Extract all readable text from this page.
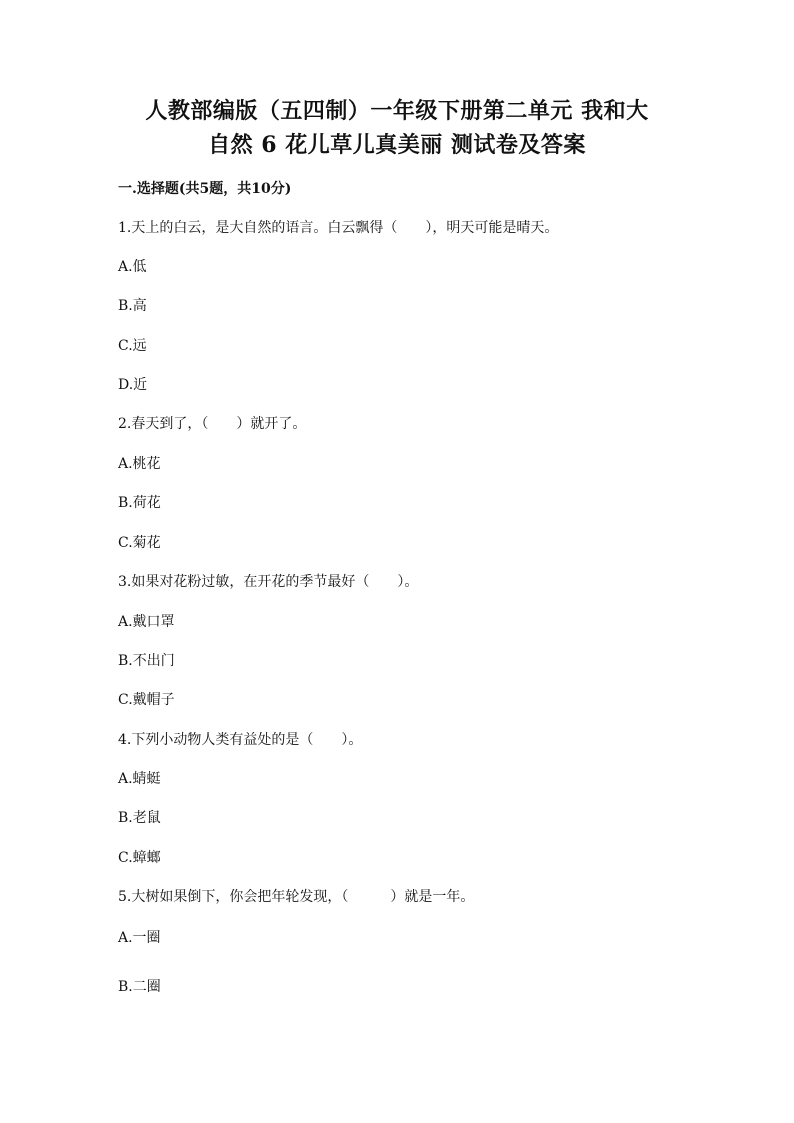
人教部编版（五四制）一年级下册第二单元 我和大
自然 6 花儿草儿真美丽 测试卷及答案
一.选择题(共5题，共10分)
1.天上的白云，是大自然的语言。白云飘得（　　），明天可能是晴天。
A.低
B.高
C.远
D.近
2.春天到了，（　　）就开了。
A.桃花
B.荷花
C.菊花
3.如果对花粉过敏，在开花的季节最好（　　）。
A.戴口罩
B.不出门
C.戴帽子
4.下列小动物人类有益处的是（　　）。
A.蜻蜓
B.老鼠
C.蟑螂
5.大树如果倒下，你会把年轮发现，（　　　）就是一年。
A.一圈
B.二圈
